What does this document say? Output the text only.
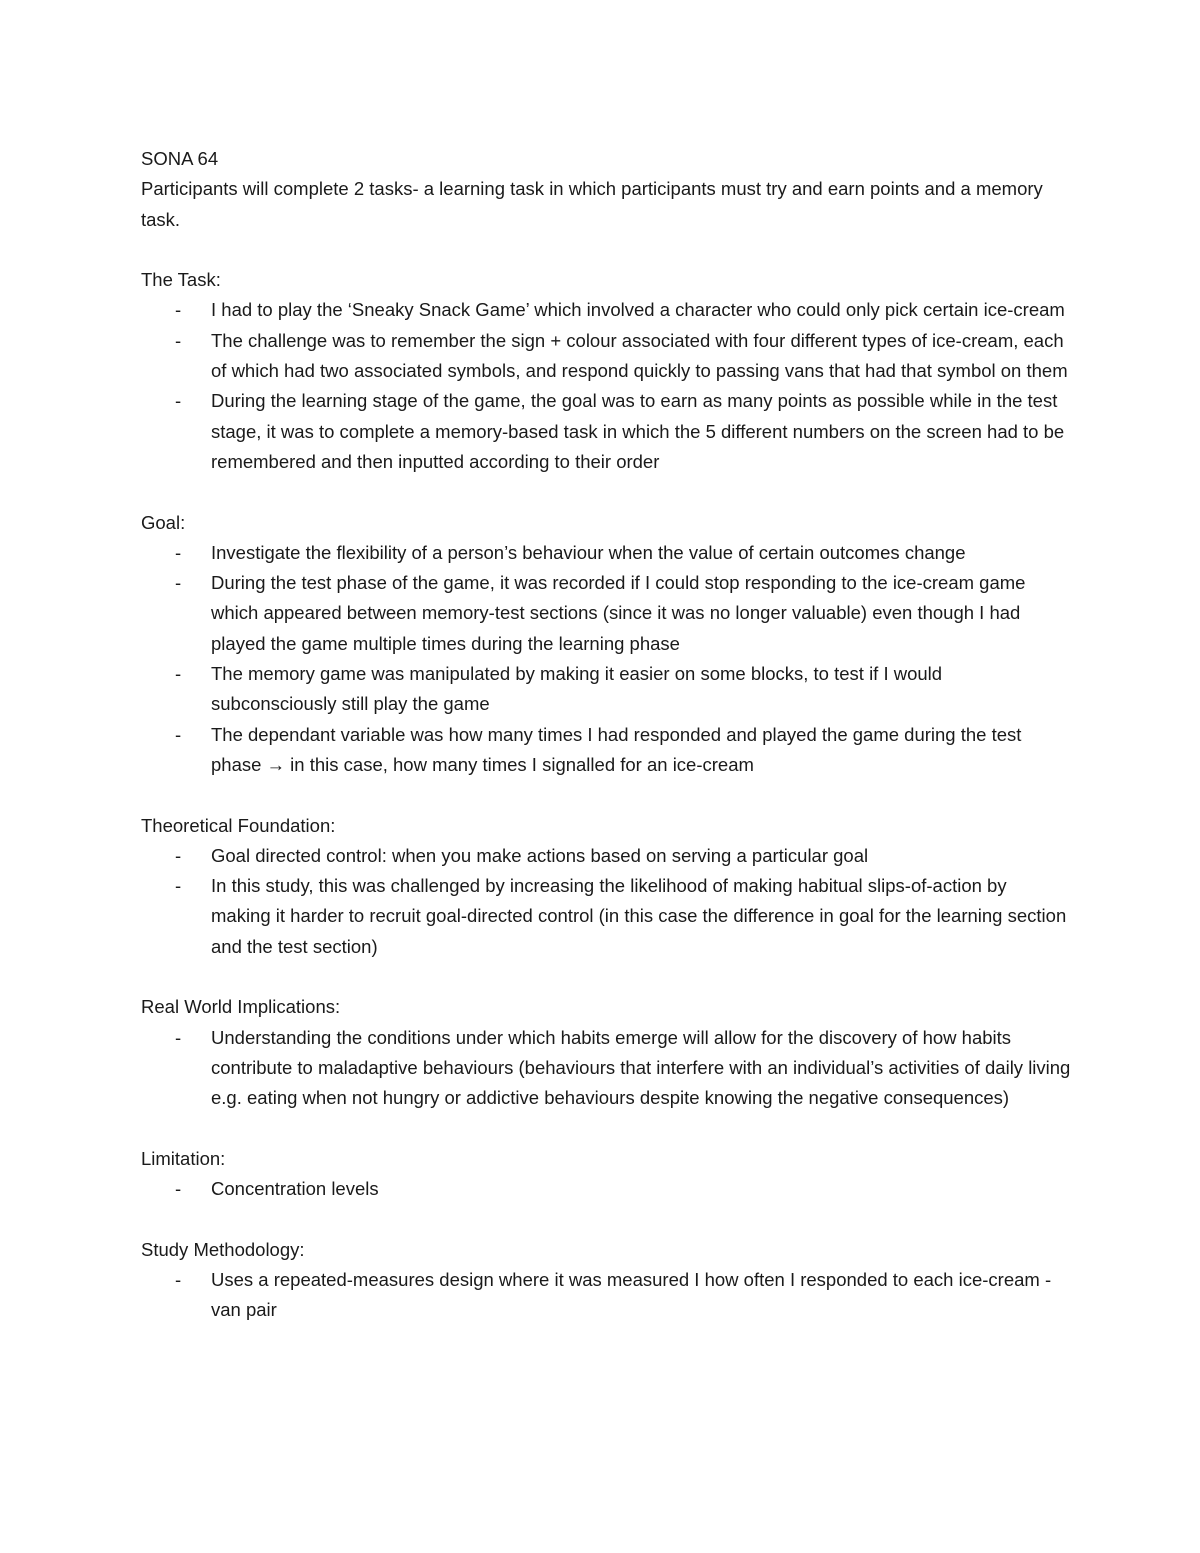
SONA 64

Participants will complete 2 tasks- a learning task in which participants must try and earn points and a memory task.

The Task:

- I had to play the ‘Sneaky Snack Game’ which involved a character who could only pick certain ice-cream
- The challenge was to remember the sign + colour associated with four different types of ice-cream, each of which had two associated symbols, and respond quickly to passing vans that had that symbol on them
- During the learning stage of the game, the goal was to earn as many points as possible while in the test stage, it was to complete a memory-based task in which the 5 different numbers on the screen had to be remembered and then inputted according to their order

Goal:

- Investigate the flexibility of a person’s behaviour when the value of certain outcomes change
- During the test phase of the game, it was recorded if I could stop responding to the ice-cream game which appeared between memory-test sections (since it was no longer valuable) even though I had played the game multiple times during the learning phase
- The memory game was manipulated by making it easier on some blocks, to test if I would subconsciously still play the game
- The dependant variable was how many times I had responded and played the game during the test phase → in this case, how many times I signalled for an ice-cream

Theoretical Foundation:

- Goal directed control: when you make actions based on serving a particular goal
- In this study, this was challenged by increasing the likelihood of making habitual slips-of-action by making it harder to recruit goal-directed control (in this case the difference in goal for the learning section and the test section)

Real World Implications:

- Understanding the conditions under which habits emerge will allow for the discovery of how habits contribute to maladaptive behaviours (behaviours that interfere with an individual’s activities of daily living e.g. eating when not hungry or addictive behaviours despite knowing the negative consequences)

Limitation:

- Concentration levels

Study Methodology:

- Uses a repeated-measures design where it was measured I how often I responded to each ice-cream - van pair
